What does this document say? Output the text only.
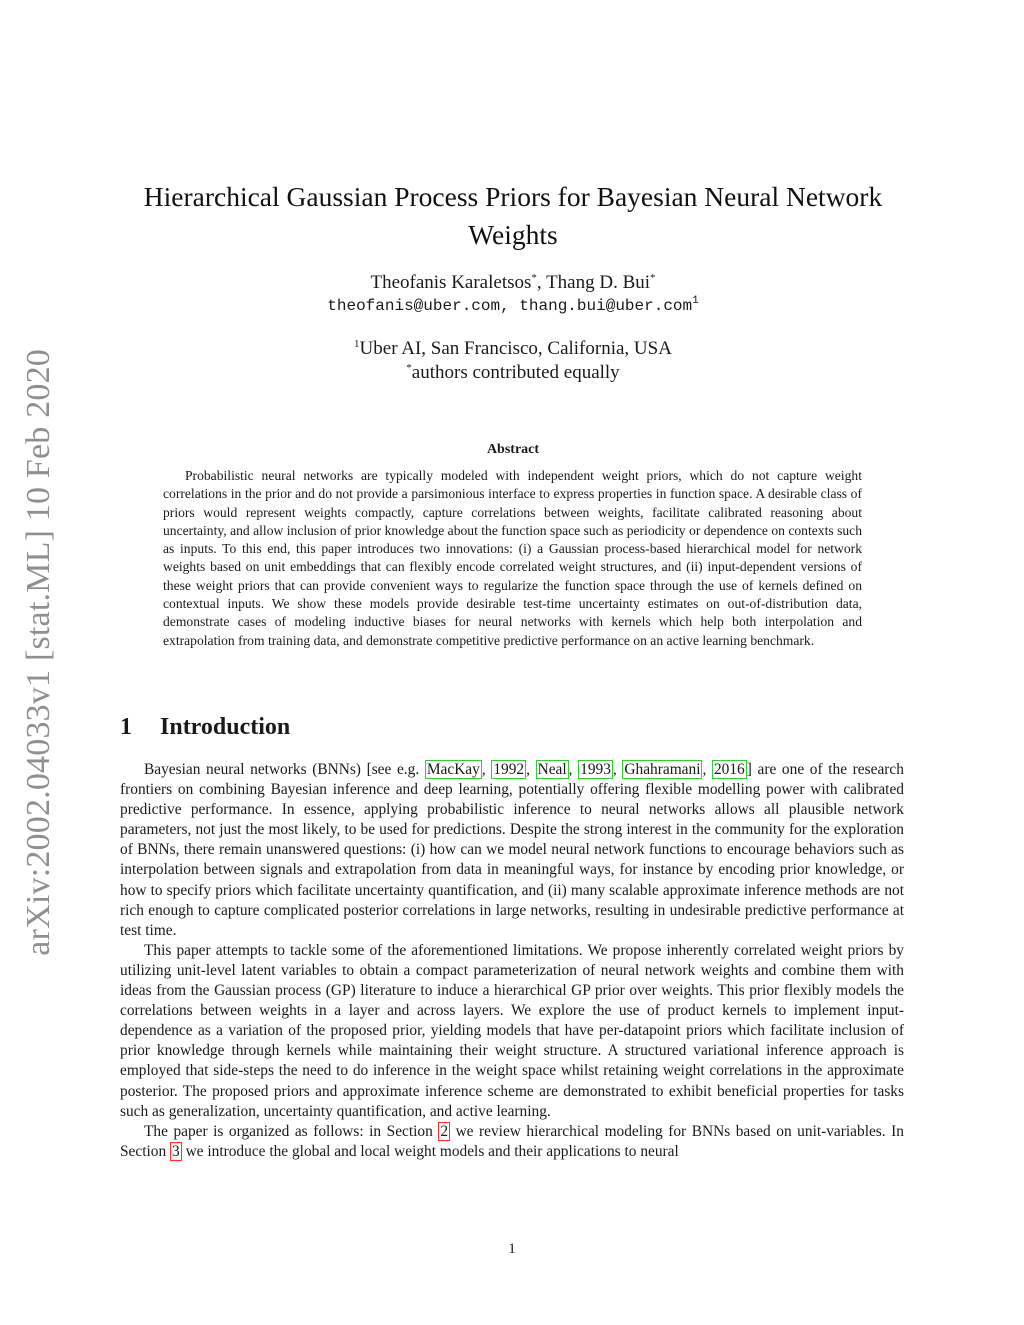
arXiv:2002.04033v1 [stat.ML] 10 Feb 2020
Hierarchical Gaussian Process Priors for Bayesian Neural Network
Weights
Theofanis Karaletsos*, Thang D. Bui*
theofanis@uber.com, thang.bui@uber.com$^1$
$^1$Uber AI, San Francisco, California, USA
*authors contributed equally
Abstract

Probabilistic neural networks are typically modeled with independent weight priors, which do not capture weight correlations in the prior and do not provide a parsimonious interface to express properties in function space. A desirable class of priors would represent weights compactly, capture correlations between weights, facilitate calibrated reasoning about uncertainty, and allow inclusion of prior knowledge about the function space such as periodicity or dependence on contexts such as inputs. To this end, this paper introduces two innovations: (i) a Gaussian process-based hierarchical model for network weights based on unit embeddings that can flexibly encode correlated weight structures, and (ii) input-dependent versions of these weight priors that can provide convenient ways to regularize the function space through the use of kernels defined on contextual inputs. We show these models provide desirable test-time uncertainty estimates on out-of-distribution data, demonstrate cases of modeling inductive biases for neural networks with kernels which help both interpolation and extrapolation from training data, and demonstrate competitive predictive performance on an active learning benchmark.

1 Introduction

Bayesian neural networks (BNNs) [see e.g. MacKay , 1992 , Neal , 1993 , Ghahramani , 2016 ] are one of the research frontiers on combining Bayesian inference and deep learning, potentially offering flexible modelling power with calibrated predictive performance. In essence, applying probabilistic inference to neural networks allows all plausible network parameters, not just the most likely, to be used for predictions. Despite the strong interest in the community for the exploration of BNNs, there remain unanswered questions: (i) how can we model neural network functions to encourage behaviors such as interpolation between signals and extrapolation from data in meaningful ways, for instance by encoding prior knowledge, or how to specify priors which facilitate uncertainty quantification, and (ii) many scalable approximate inference methods are not rich enough to capture complicated posterior correlations in large networks, resulting in undesirable predictive performance at test time.

This paper attempts to tackle some of the aforementioned limitations. We propose inherently correlated weight priors by utilizing unit-level latent variables to obtain a compact parameterization of neural network weights and combine them with ideas from the Gaussian process (GP) literature to induce a hierarchical GP prior over weights. This prior flexibly models the correlations between weights in a layer and across layers. We explore the use of product kernels to implement input-dependence as a variation of the proposed prior, yielding models that have per-datapoint priors which facilitate inclusion of prior knowledge through kernels while maintaining their weight structure. A structured variational inference approach is employed that side-steps the need to do inference in the weight space whilst retaining weight correlations in the approximate posterior. The proposed priors and approximate inference scheme are demonstrated to exhibit beneficial properties for tasks such as generalization, uncertainty quantification, and active learning.

The paper is organized as follows: in Section 2 we review hierarchical modeling for BNNs based on unit-variables. In Section 3 we introduce the global and local weight models and their applications to neural

1
